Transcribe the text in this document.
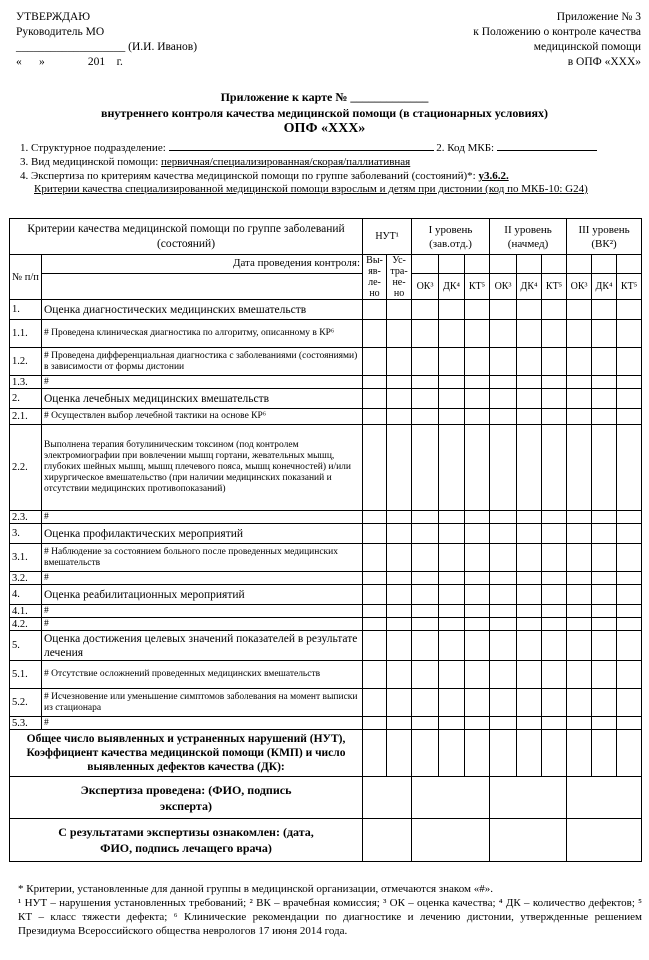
УТВЕРЖДАЮ
Руководитель МО
___________________ (И.И. Иванов)
«      »               201    г.
Приложение № 3
к Положению о контроле качества
медицинской помощи
в ОПФ «ХХХ»
Приложение к карте № _____________
внутреннего контроля качества медицинской помощи (в стационарных условиях)
ОПФ «ХХХ»
1. Структурное подразделение:	2. Код МКБ:
3. Вид медицинской помощи: первичная/специализированная/скорая/паллиативная
4. Экспертиза по критериям качества медицинской помощи по группе заболеваний (состояний)*: у3.6.2.
Критерии качества специализированной медицинской помощи взрослым и детям при дистонии (код по МКБ-10: G24)
Критерии качества медицинской помощи по группе заболеваний (состояний)		НУТ¹		I уровень (зав.отд.)			II уровень (начмед)			III уровень (ВК²)		
№ п/п	Дата проведения контроля:	Вы-яв-ле-но	Ус-тра-не-но									
				ОК³	ДК⁴	КТ⁵	ОК³	ДК⁴	КТ⁵	ОК³	ДК⁴	КТ⁵
1.	Оценка диагностических медицинских вмешательств											
1.1.	# Проведена клиническая диагностика по алгоритму, описанному в КР⁶											
1.2.	# Проведена дифференциальная диагностика с заболеваниями (состояниями) в зависимости от формы дистонии											
1.3.	#											
2.	Оценка лечебных медицинских вмешательств											
2.1.	# Осуществлен выбор лечебной тактики на основе КР⁶											
2.2.	Выполнена терапия ботулиническим токсином (под контролем электромиографии при вовлечении мышц гортани, жевательных мышц, глубоких шейных мышц, мышц плечевого пояса, мышц конечностей) и/или хирургическое вмешательство (при наличии медицинских показаний и отсутствии медицинских противопоказаний)											
2.3.	#											
3.	Оценка профилактических мероприятий											
3.1.	# Наблюдение за состоянием больного после проведенных медицинских вмешательств											
3.2.	#											
4.	Оценка реабилитационных мероприятий											
4.1.	#											
4.2.	#											
5.	Оценка достижения целевых значений показателей в результате лечения											
5.1.	# Отсутствие осложнений проведенных медицинских вмешательств											
5.2.	# Исчезновение или уменьшение симптомов заболевания на момент выписки из стационара											
5.3.	#											
Общее число выявленных и устраненных нарушений (НУТ), Коэффициент качества медицинской помощи (КМП) и число выявленных дефектов качества (ДК):												
Экспертиза проведена: (ФИО, подпись эксперта)												
С результатами экспертизы ознакомлен: (дата, ФИО, подпись лечащего врача)												
* Критерии, установленные для данной группы в медицинской организации, отмечаются знаком «#».
¹ НУТ – нарушения установленных требований; ² ВК – врачебная комиссия; ³ ОК – оценка качества; ⁴ ДК – количество дефектов; ⁵ КТ – класс тяжести дефекта; ⁶ Клинические рекомендации по диагностике и лечению дистонии, утвержденные решением Президиума Всероссийского общества неврологов 17 июня 2014 года.
